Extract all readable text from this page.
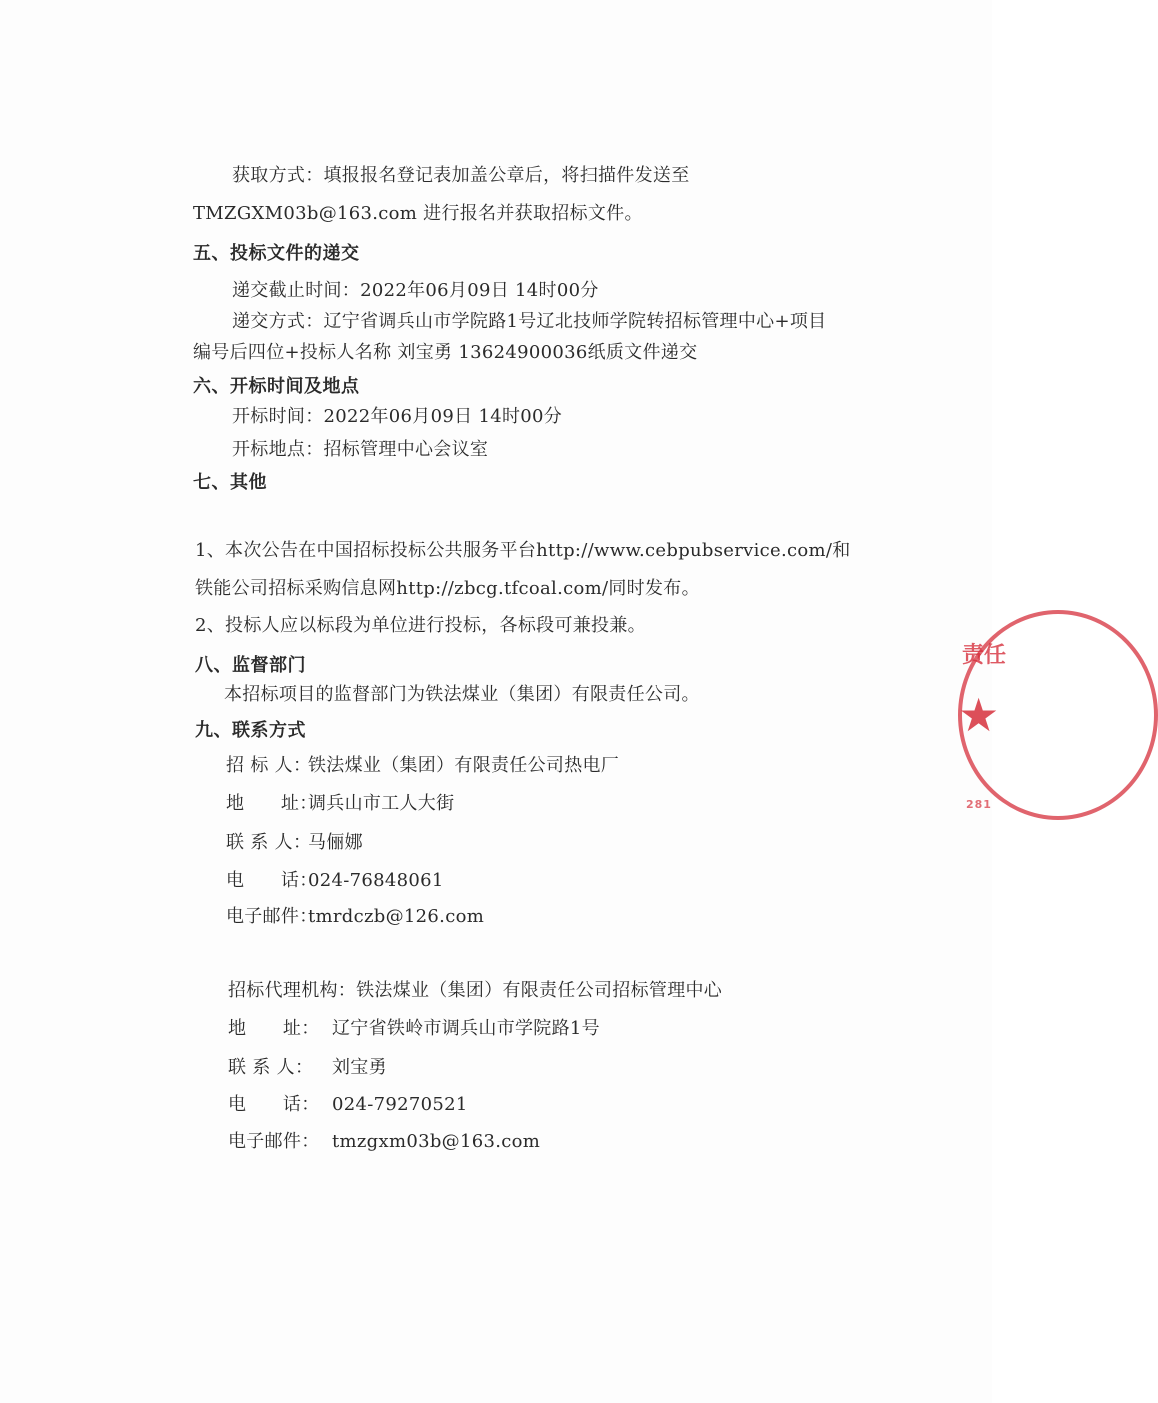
获取方式：填报报名登记表加盖公章后，将扫描件发送至
TMZGXM03b@163.com 进行报名并获取招标文件。
五、投标文件的递交
递交截止时间：2022年06月09日 14时00分
递交方式：辽宁省调兵山市学院路1号辽北技师学院转招标管理中心+项目
编号后四位+投标人名称 刘宝勇 13624900036纸质文件递交
六、开标时间及地点
开标时间：2022年06月09日 14时00分
开标地点：招标管理中心会议室
七、其他
1、本次公告在中国招标投标公共服务平台http://www.cebpubservice.com/和
铁能公司招标采购信息网http://zbcg.tfcoal.com/同时发布。
2、投标人应以标段为单位进行投标，各标段可兼投兼。
八、监督部门
本招标项目的监督部门为铁法煤业（集团）有限责任公司。
九、联系方式
招 标 人：铁法煤业（集团）有限责任公司热电厂
地　　址：调兵山市工人大街
联 系 人：马俪娜
电　　话：024-76848061
电子邮件：tmrdczb@126.com
招标代理机构：铁法煤业（集团）有限责任公司招标管理中心
地　　址： 辽宁省铁岭市调兵山市学院路1号
联 系 人： 刘宝勇
电　　话： 024-79270521
电子邮件： tmzgxm03b@163.com
责任
★
281
